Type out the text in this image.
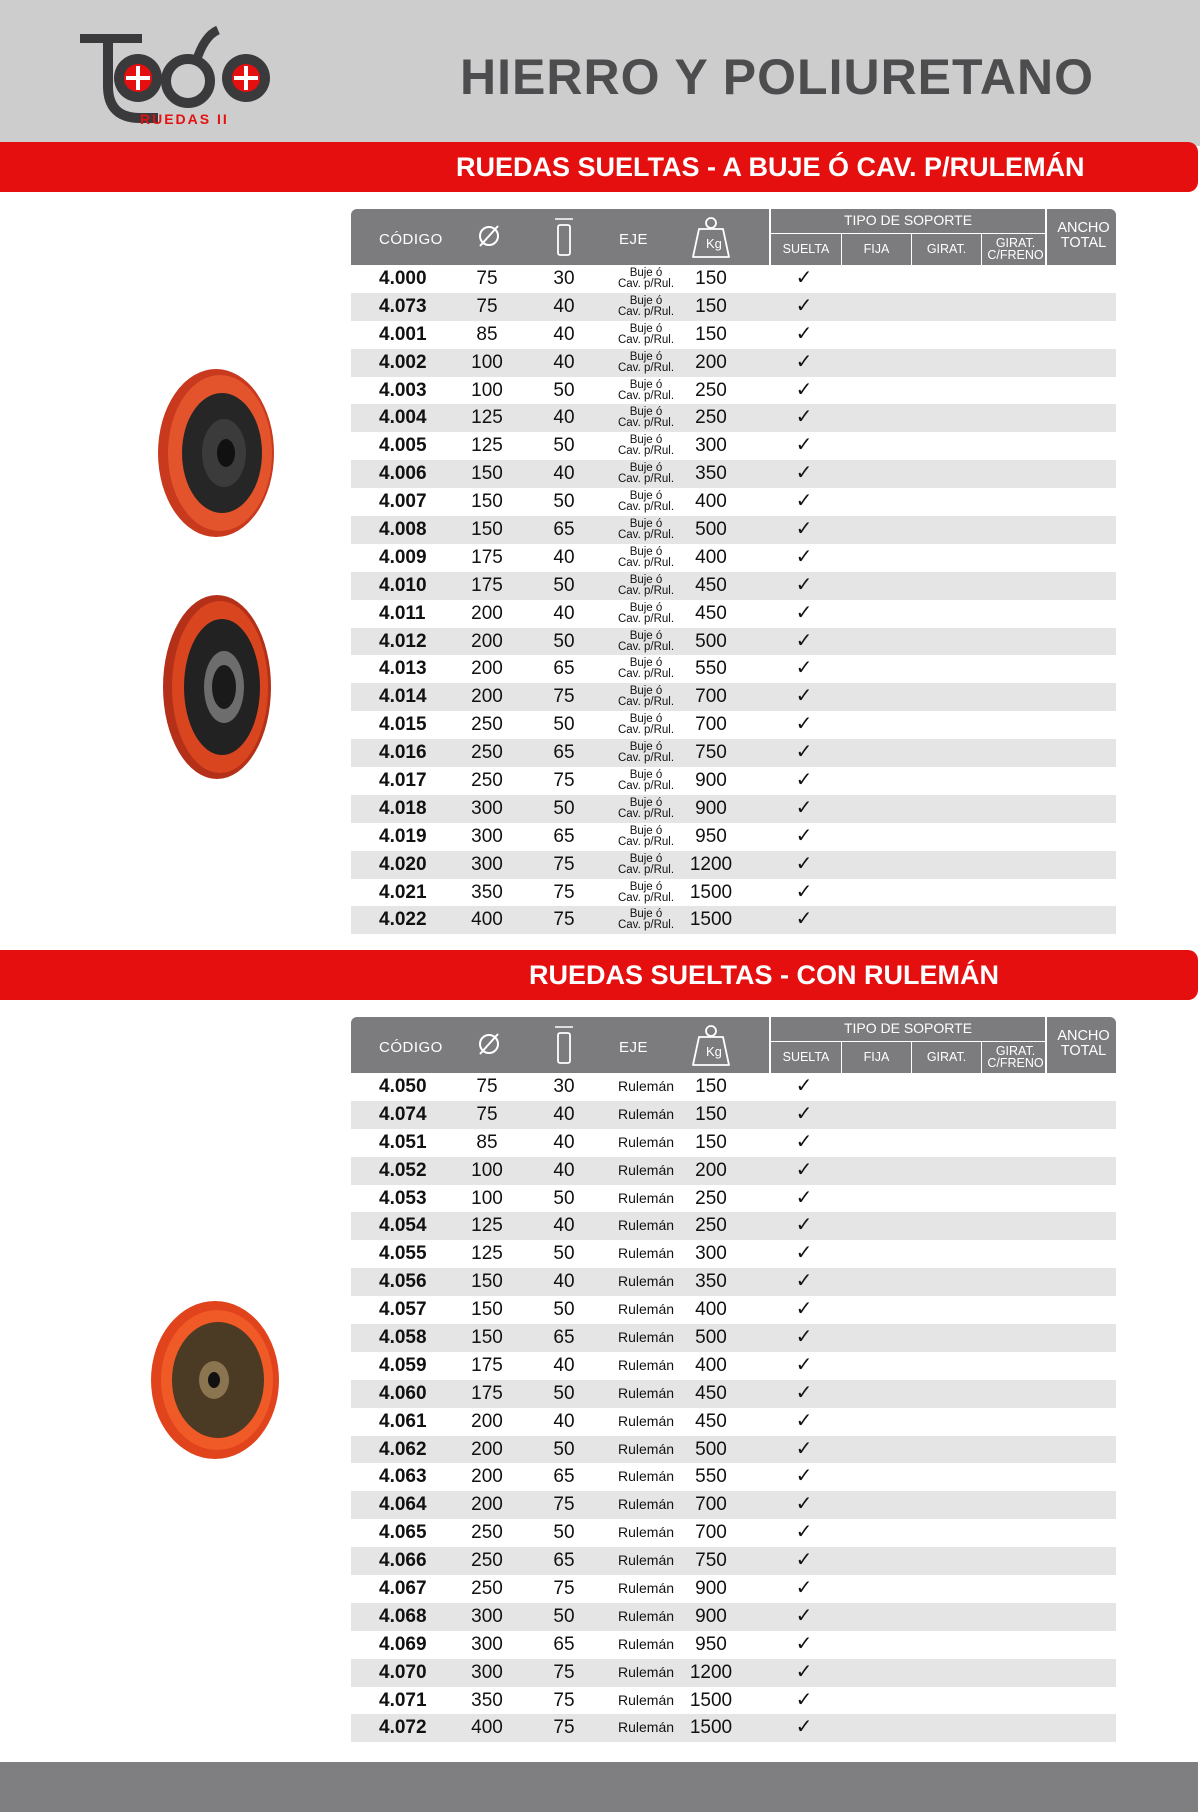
RUEDAS II
HIERRO Y POLIURETANO
RUEDAS SUELTAS - A BUJE Ó CAV. P/RULEMÁN
RUEDAS SUELTAS - CON RULEMÁN
CÓDIGO	EJE	Kg
TIPO DE SOPORTE
SUELTA	FIJA	GIRAT.	GIRAT.
C/FRENO
ANCHO
TOTAL
4.000	75	30	Buje ó
Cav. p/Rul.	150	✓
4.073	75	40	Buje ó
Cav. p/Rul.	150	✓
4.001	85	40	Buje ó
Cav. p/Rul.	150	✓
4.002	100	40	Buje ó
Cav. p/Rul.	200	✓
4.003	100	50	Buje ó
Cav. p/Rul.	250	✓
4.004	125	40	Buje ó
Cav. p/Rul.	250	✓
4.005	125	50	Buje ó
Cav. p/Rul.	300	✓
4.006	150	40	Buje ó
Cav. p/Rul.	350	✓
4.007	150	50	Buje ó
Cav. p/Rul.	400	✓
4.008	150	65	Buje ó
Cav. p/Rul.	500	✓
4.009	175	40	Buje ó
Cav. p/Rul.	400	✓
4.010	175	50	Buje ó
Cav. p/Rul.	450	✓
4.011	200	40	Buje ó
Cav. p/Rul.	450	✓
4.012	200	50	Buje ó
Cav. p/Rul.	500	✓
4.013	200	65	Buje ó
Cav. p/Rul.	550	✓
4.014	200	75	Buje ó
Cav. p/Rul.	700	✓
4.015	250	50	Buje ó
Cav. p/Rul.	700	✓
4.016	250	65	Buje ó
Cav. p/Rul.	750	✓
4.017	250	75	Buje ó
Cav. p/Rul.	900	✓
4.018	300	50	Buje ó
Cav. p/Rul.	900	✓
4.019	300	65	Buje ó
Cav. p/Rul.	950	✓
4.020	300	75	Buje ó
Cav. p/Rul. 1200	✓
4.021	350	75	Buje ó
Cav. p/Rul. 1500	✓
4.022	400	75	Buje ó
Cav. p/Rul. 1500	✓
CÓDIGO	EJE	Kg
TIPO DE SOPORTE
SUELTA	FIJA	GIRAT.	GIRAT.
C/FRENO
ANCHO
TOTAL
4.050	75	30	Rulemán	150	✓
4.074	75	40	Rulemán	150	✓
4.051	85	40	Rulemán	150	✓
4.052	100	40	Rulemán	200	✓
4.053	100	50	Rulemán	250	✓
4.054	125	40	Rulemán	250	✓
4.055	125	50	Rulemán	300	✓
4.056	150	40	Rulemán	350	✓
4.057	150	50	Rulemán	400	✓
4.058	150	65	Rulemán	500	✓
4.059	175	40	Rulemán	400	✓
4.060	175	50	Rulemán	450	✓
4.061	200	40	Rulemán	450	✓
4.062	200	50	Rulemán	500	✓
4.063	200	65	Rulemán	550	✓
4.064	200	75	Rulemán	700	✓
4.065	250	50	Rulemán	700	✓
4.066	250	65	Rulemán	750	✓
4.067	250	75	Rulemán	900	✓
4.068	300	50	Rulemán	900	✓
4.069	300	65	Rulemán	950	✓
4.070	300	75	Rulemán 1200	✓
4.071	350	75	Rulemán 1500	✓
4.072	400	75	Rulemán 1500	✓
